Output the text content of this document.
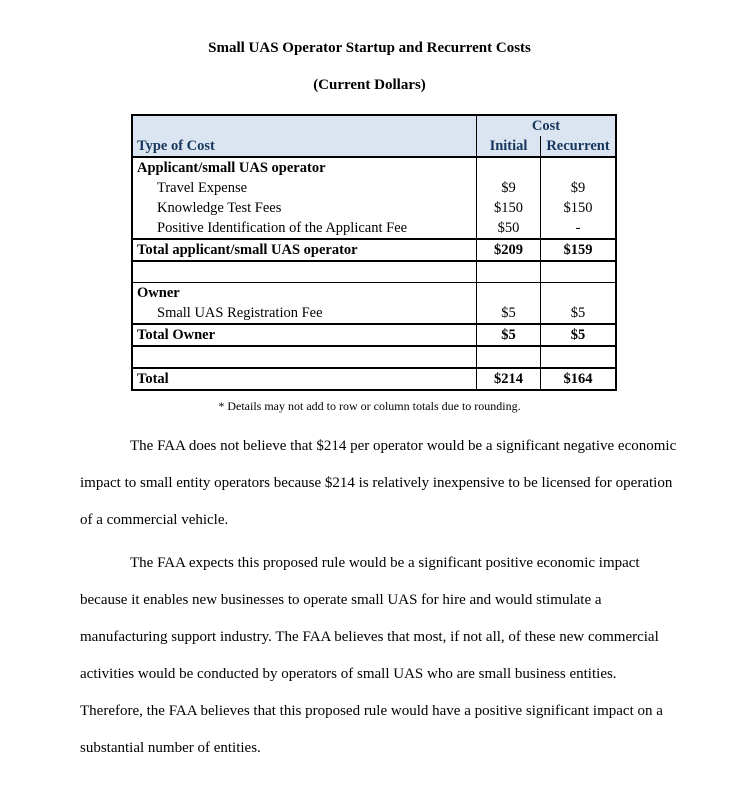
Small UAS Operator Startup and Recurrent Costs
(Current Dollars)
	Cost	
Type of Cost	Initial	Recurrent
Applicant/small UAS operator		
Travel Expense	$9	$9
Knowledge Test Fees	$150	$150
Positive Identification of the Applicant Fee	$50	-
Total applicant/small UAS operator	$209	$159

Owner		
Small UAS Registration Fee	$5	$5
Total Owner	$5	$5

Total	$214	$164
* Details may not add to row or column totals due to rounding.

The FAA does not believe that $214 per operator would be a significant negative economic impact to small entity operators because $214 is relatively inexpensive to be licensed for operation of a commercial vehicle.

The FAA expects this proposed rule would be a significant positive economic impact because it enables new businesses to operate small UAS for hire and would stimulate a manufacturing support industry. The FAA believes that most, if not all, of these new commercial activities would be conducted by operators of small UAS who are small business entities. Therefore, the FAA believes that this proposed rule would have a positive significant impact on a substantial number of entities.
